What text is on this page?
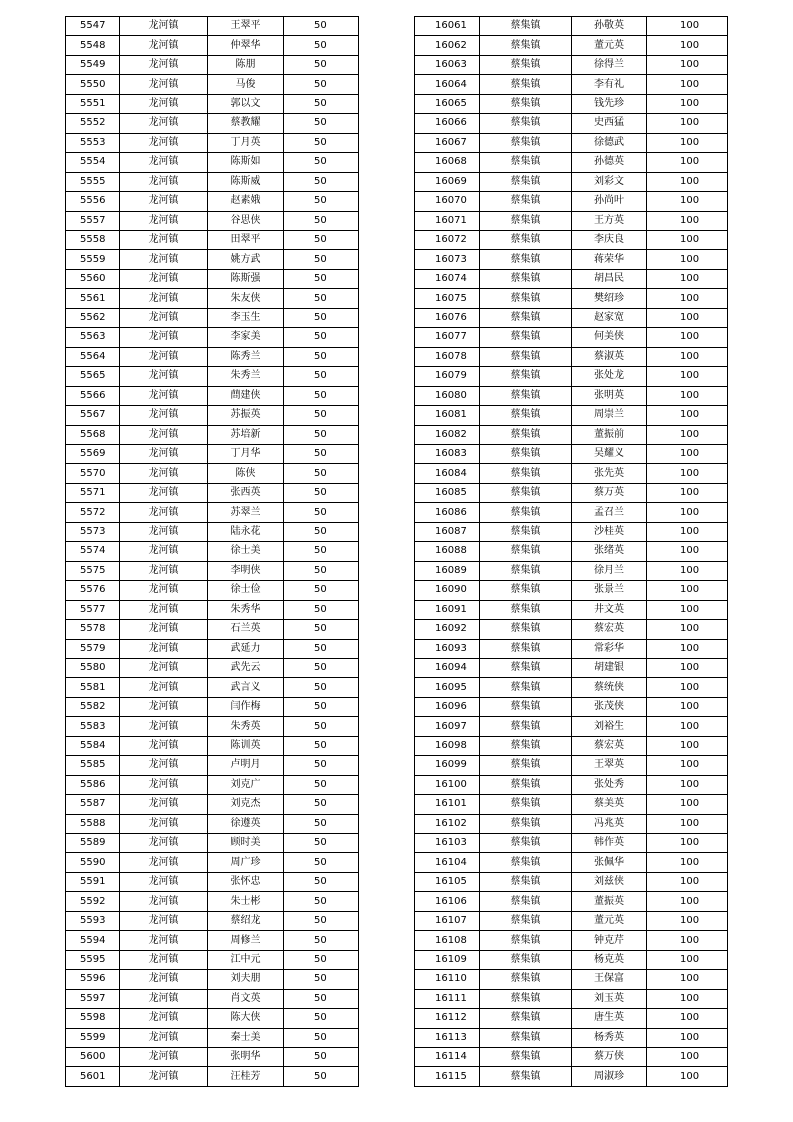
5547	龙河镇	王翠平	50
5548	龙河镇	仲翠华	50
5549	龙河镇	陈朋	50
5550	龙河镇	马俊	50
5551	龙河镇	郭以文	50
5552	龙河镇	蔡教耀	50
5553	龙河镇	丁月英	50
5554	龙河镇	陈斯如	50
5555	龙河镇	陈斯威	50
5556	龙河镇	赵素娥	50
5557	龙河镇	谷思侠	50
5558	龙河镇	田翠平	50
5559	龙河镇	姚方武	50
5560	龙河镇	陈斯强	50
5561	龙河镇	朱友侠	50
5562	龙河镇	李玉生	50
5563	龙河镇	李家美	50
5564	龙河镇	陈秀兰	50
5565	龙河镇	朱秀兰	50
5566	龙河镇	蔄建侠	50
5567	龙河镇	苏振英	50
5568	龙河镇	苏培新	50
5569	龙河镇	丁月华	50
5570	龙河镇	陈侠	50
5571	龙河镇	张西英	50
5572	龙河镇	苏翠兰	50
5573	龙河镇	陆永花	50
5574	龙河镇	徐士美	50
5575	龙河镇	李明侠	50
5576	龙河镇	徐士俭	50
5577	龙河镇	朱秀华	50
5578	龙河镇	石兰英	50
5579	龙河镇	武延力	50
5580	龙河镇	武先云	50
5581	龙河镇	武言义	50
5582	龙河镇	闫作梅	50
5583	龙河镇	朱秀英	50
5584	龙河镇	陈训英	50
5585	龙河镇	卢明月	50
5586	龙河镇	刘克广	50
5587	龙河镇	刘克杰	50
5588	龙河镇	徐遵英	50
5589	龙河镇	顾时美	50
5590	龙河镇	周广珍	50
5591	龙河镇	张怀忠	50
5592	龙河镇	朱士彬	50
5593	龙河镇	蔡绍龙	50
5594	龙河镇	周修兰	50
5595	龙河镇	江中元	50
5596	龙河镇	刘夫朋	50
5597	龙河镇	肖文英	50
5598	龙河镇	陈大侠	50
5599	龙河镇	秦士美	50
5600	龙河镇	张明华	50
5601	龙河镇	汪桂芳	50
16061	蔡集镇	孙敬英	100
16062	蔡集镇	董元英	100
16063	蔡集镇	徐得兰	100
16064	蔡集镇	李有礼	100
16065	蔡集镇	钱先珍	100
16066	蔡集镇	史西猛	100
16067	蔡集镇	徐德武	100
16068	蔡集镇	孙德英	100
16069	蔡集镇	刘彩文	100
16070	蔡集镇	孙尚叶	100
16071	蔡集镇	王方英	100
16072	蔡集镇	李庆良	100
16073	蔡集镇	蒋荣华	100
16074	蔡集镇	胡昌民	100
16075	蔡集镇	樊绍珍	100
16076	蔡集镇	赵家宽	100
16077	蔡集镇	何美侠	100
16078	蔡集镇	蔡淑英	100
16079	蔡集镇	张处龙	100
16080	蔡集镇	张明英	100
16081	蔡集镇	周崇兰	100
16082	蔡集镇	董振前	100
16083	蔡集镇	吴耀义	100
16084	蔡集镇	张先英	100
16085	蔡集镇	蔡万英	100
16086	蔡集镇	孟召兰	100
16087	蔡集镇	沙桂英	100
16088	蔡集镇	张绪英	100
16089	蔡集镇	徐月兰	100
16090	蔡集镇	张景兰	100
16091	蔡集镇	井文英	100
16092	蔡集镇	蔡宏英	100
16093	蔡集镇	常彩华	100
16094	蔡集镇	胡建银	100
16095	蔡集镇	蔡统侠	100
16096	蔡集镇	张茂侠	100
16097	蔡集镇	刘裕生	100
16098	蔡集镇	蔡宏英	100
16099	蔡集镇	王翠英	100
16100	蔡集镇	张处秀	100
16101	蔡集镇	蔡美英	100
16102	蔡集镇	冯兆英	100
16103	蔡集镇	韩作英	100
16104	蔡集镇	张佩华	100
16105	蔡集镇	刘兹侠	100
16106	蔡集镇	董振英	100
16107	蔡集镇	董元英	100
16108	蔡集镇	钟克芹	100
16109	蔡集镇	杨克英	100
16110	蔡集镇	王保富	100
16111	蔡集镇	刘玉英	100
16112	蔡集镇	唐生英	100
16113	蔡集镇	杨秀英	100
16114	蔡集镇	蔡万侠	100
16115	蔡集镇	周淑珍	100
